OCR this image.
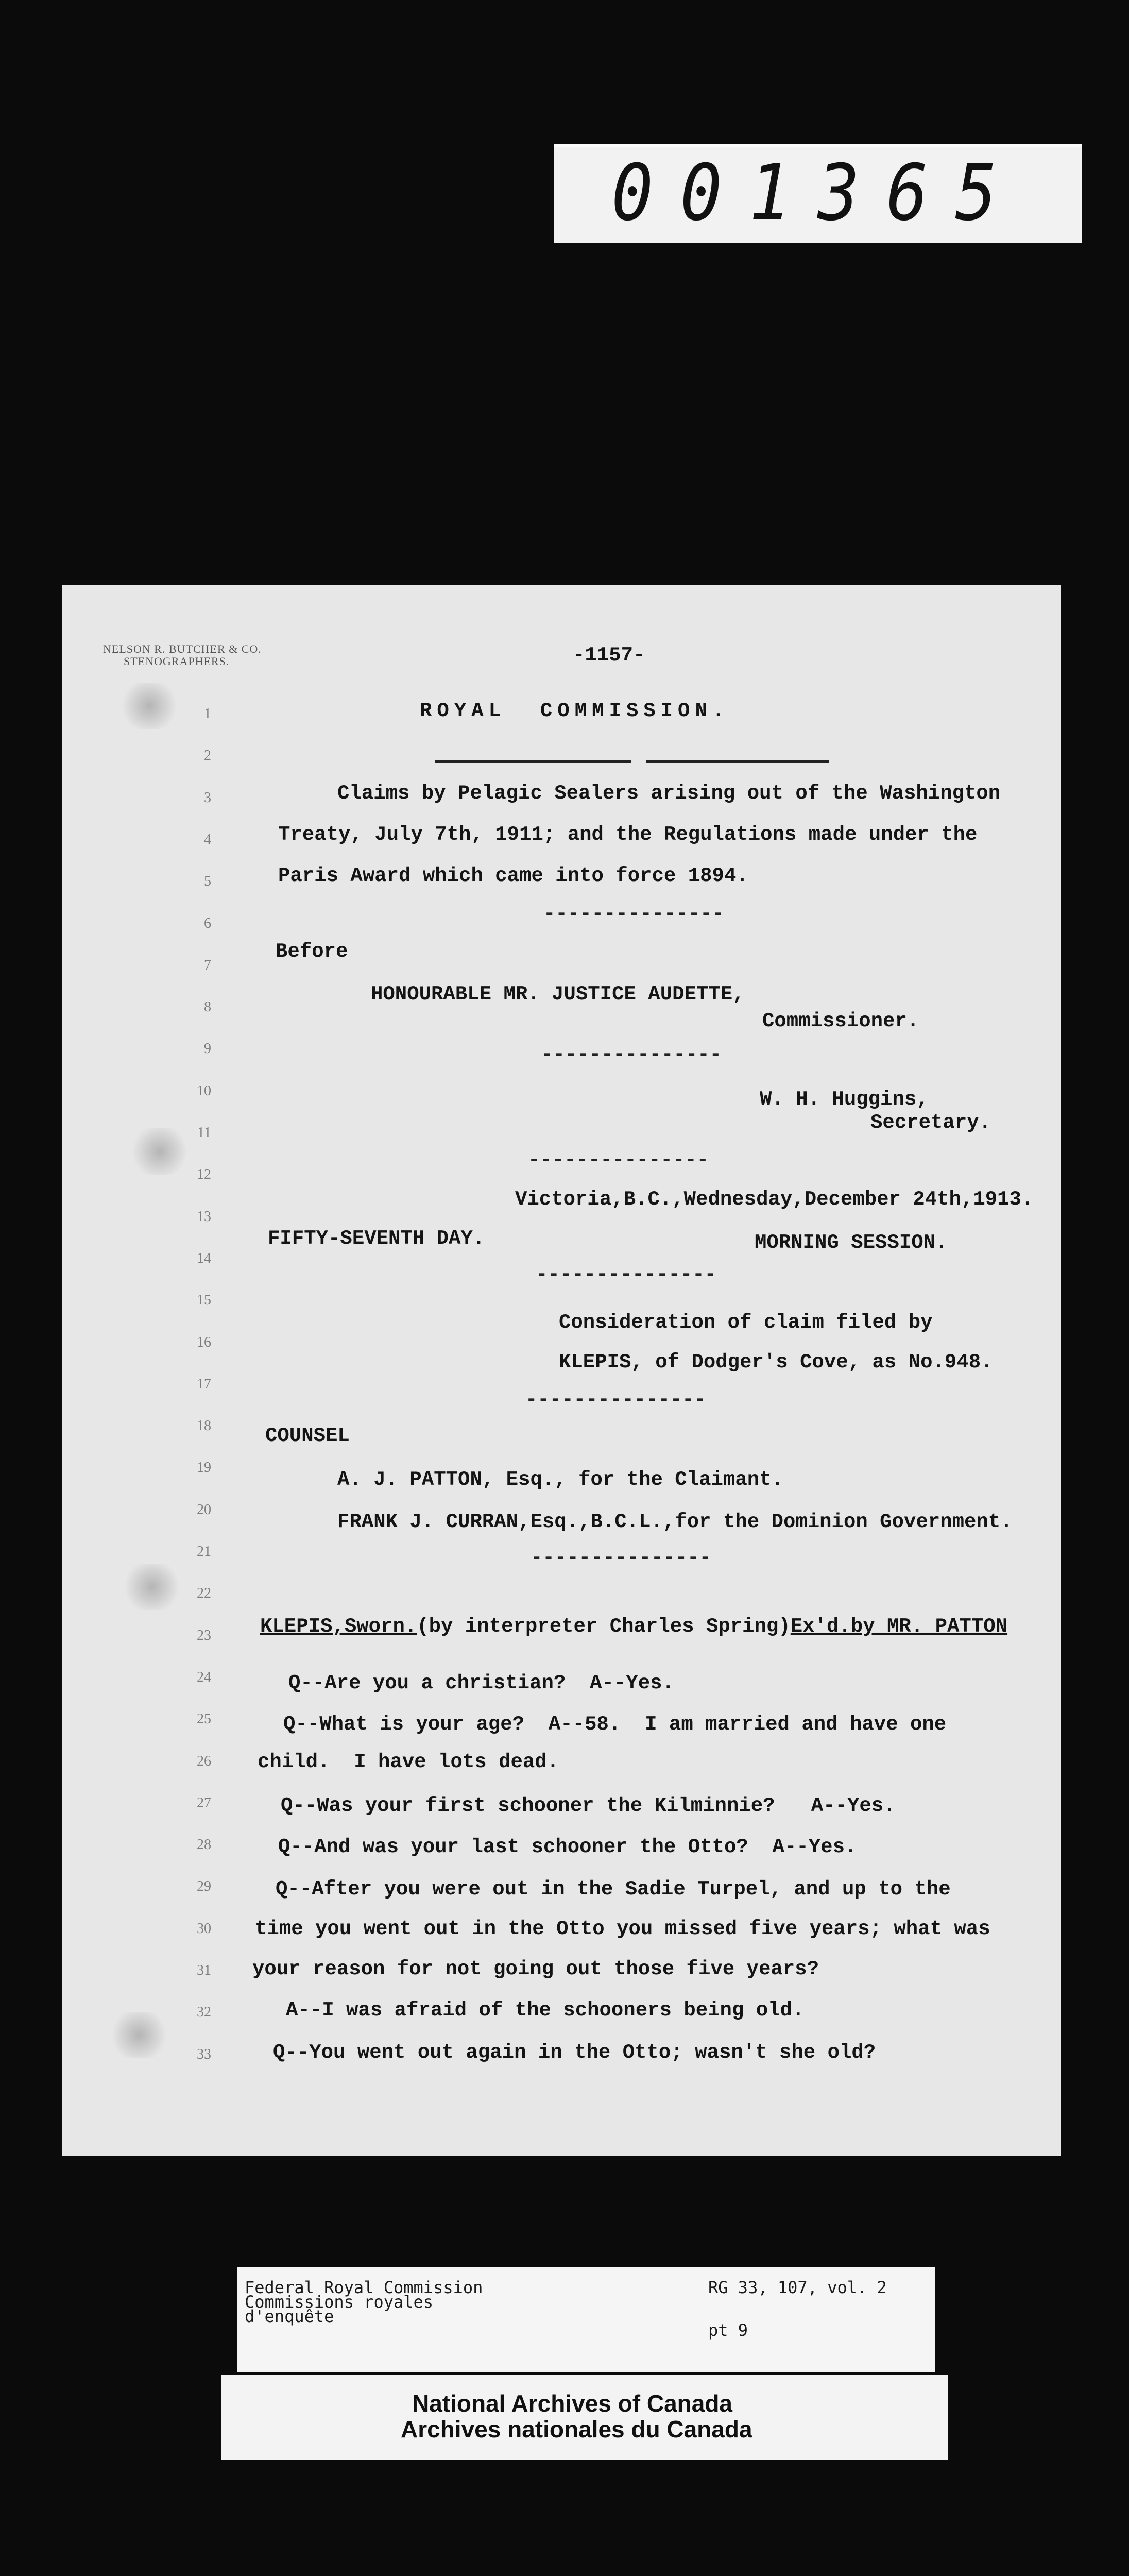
001365
NELSON R. BUTCHER & CO.
STENOGRAPHERS.	-1157-
ROYAL  COMMISSION.
1
2
3
4
5
6
7
8
9
10
11
12
13
14
15
16
17
18
19
20
21
22
23
24
25
26
27
28
29
30
31
32
33
Claims by Pelagic Sealers arising out of the Washington
Treaty, July 7th, 1911; and the Regulations made under the
Paris Award which came into force 1894.
---------------
Before
HONOURABLE MR. JUSTICE AUDETTE,
Commissioner.
---------------
W. H. Huggins,
Secretary.
---------------
Victoria,B.C.,Wednesday,December 24th,1913.
FIFTY-SEVENTH DAY.	MORNING SESSION.
---------------
Consideration of claim filed by
KLEPIS, of Dodger's Cove, as No.948.
---------------
COUNSEL
A. J. PATTON, Esq., for the Claimant.
FRANK J. CURRAN,Esq.,B.C.L.,for the Dominion Government.
---------------
KLEPIS,Sworn.(by interpreter Charles Spring)Ex'd.by MR. PATTON
Q--Are you a christian?  A--Yes.
Q--What is your age?  A--58.  I am married and have one
child.  I have lots dead.
Q--Was your first schooner the Kilminnie?   A--Yes.
Q--And was your last schooner the Otto?  A--Yes.
Q--After you were out in the Sadie Turpel, and up to the
time you went out in the Otto you missed five years; what was
your reason for not going out those five years?
A--I was afraid of the schooners being old.
Q--You went out again in the Otto; wasn't she old?
Federal Royal Commission
Commissions royales
d'enquête
RG 33, 107, vol. 2
pt 9
National Archives of Canada
Archives nationales du Canada
